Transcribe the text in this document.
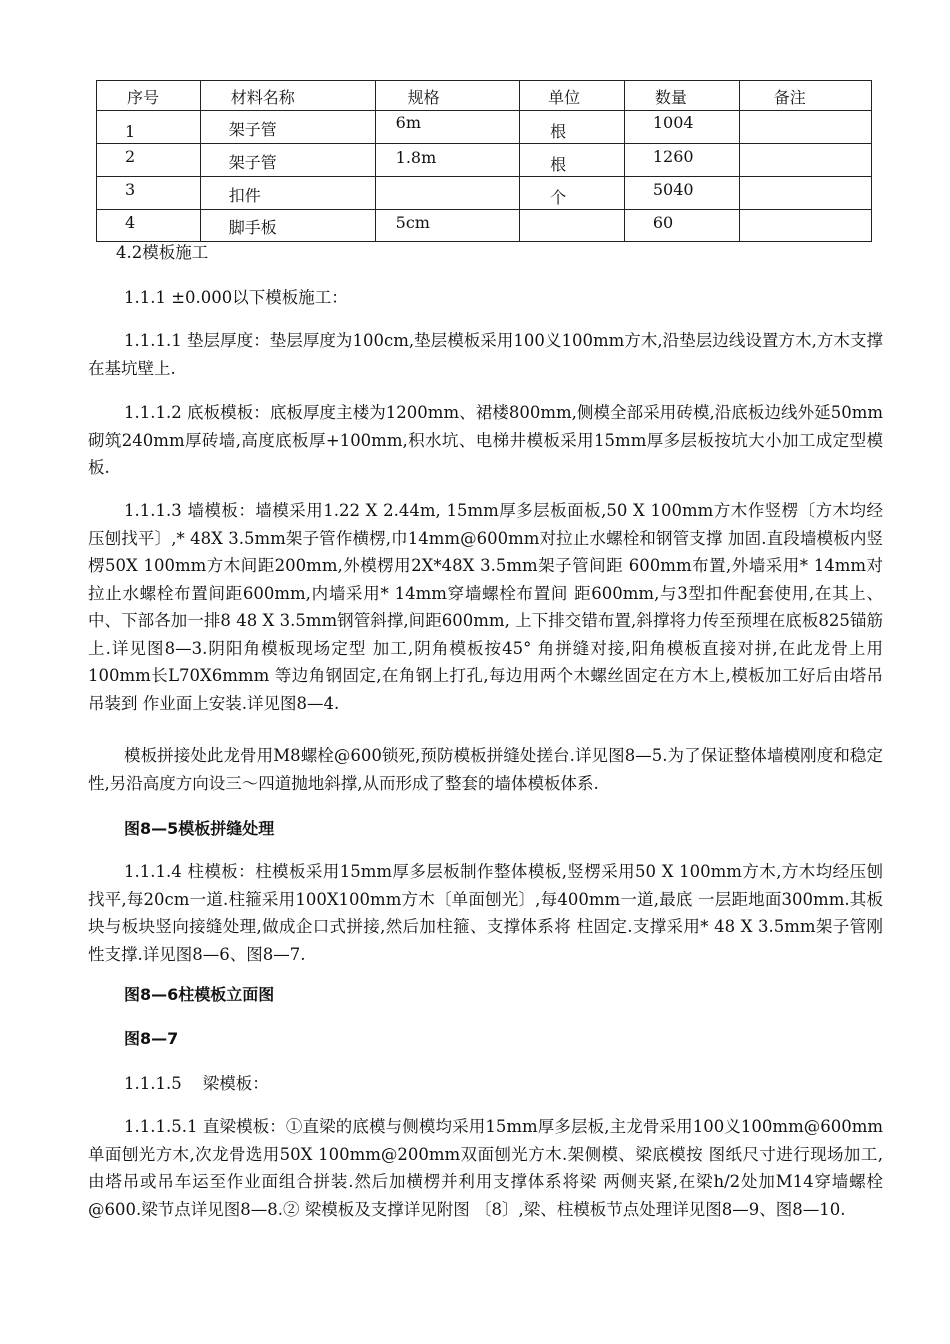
序号	材料名称	规格	单位	数量	备注

1	架子管	6m	根	1004	

2	架子管	1.8m	根	1260	

3	扣件		个	5040	

4	脚手板	5cm		60	

4.2模板施工

1.1.1 ±0.000以下模板施工：

1.1.1.1 垫层厚度：垫层厚度为100cm,垫层模板采用100义100mm方木,沿垫层边线设置方木,方木支撑在基坑壁上.

1.1.1.2 底板模板：底板厚度主楼为1200mm、裙楼800mm,侧模全部采用砖模,沿底板边线外延50mm砌筑240mm厚砖墙,高度底板厚+100mm,积水坑、电梯井模板采用15mm厚多层板按坑大小加工成定型模板.

1.1.1.3 墙模板：墙模采用1.22 X 2.44m, 15mm厚多层板面板,50 X 100mm方木作竖楞〔方木均经压刨找平〕,* 48X 3.5mm架子管作横楞,巾14mm@600mm对拉止水螺栓和钢管支撑 加固.直段墙模板内竖楞50X 100mm方木间距200mm,外模楞用2X*48X 3.5mm架子管间距 600mm布置,外墙采用* 14mm对拉止水螺栓布置间距600mm,内墙采用* 14mm穿墙螺栓布置间 距600mm,与3型扣件配套使用,在其上、中、下部各加一排8 48 X 3.5mm钢管斜撑,间距600mm, 上下排交错布置,斜撑将力传至预埋在底板825锚筋上.详见图8—3.阴阳角模板现场定型 加工,阴角模板按45° 角拼缝对接,阳角模板直接对拼,在此龙骨上用100mm长L70X6mmm 等边角钢固定,在角钢上打孔,每边用两个木螺丝固定在方木上,模板加工好后由塔吊吊装到 作业面上安装.详见图8—4.

模板拼接处此龙骨用M8螺栓@600锁死,预防模板拼缝处搓台.详见图8—5.为了保证整体墙模刚度和稳定性,另沿高度方向设三〜四道抛地斜撑,从而形成了整套的墙体模板体系.

图8—5模板拼缝处理

1.1.1.4 柱模板：柱模板采用15mm厚多层板制作整体模板,竖楞采用50 X 100mm方木,方木均经压刨找平,每20cm一道.柱箍采用100X100mm方木〔单面刨光〕,每400mm一道,最底 一层距地面300mm.其板块与板块竖向接缝处理,做成企口式拼接,然后加柱箍、支撑体系将 柱固定.支撑采用* 48 X 3.5mm架子管刚性支撑.详见图8—6、图8—7.

图8—6柱模板立面图

图8—7

1.1.1.5    梁模板：

1.1.1.5.1 直梁模板：①直梁的底模与侧模均采用15mm厚多层板,主龙骨采用100义100mm@600mm单面刨光方木,次龙骨选用50X 100mm@200mm双面刨光方木.架侧模、梁底模按 图纸尺寸进行现场加工,由塔吊或吊车运至作业面组合拼装.然后加横楞并利用支撑体系将梁 两侧夹紧,在梁h/2处加M14穿墙螺栓@600.梁节点详见图8—8.② 梁模板及支撑详见附图 〔8〕,梁、柱模板节点处理详见图8—9、图8—10.
